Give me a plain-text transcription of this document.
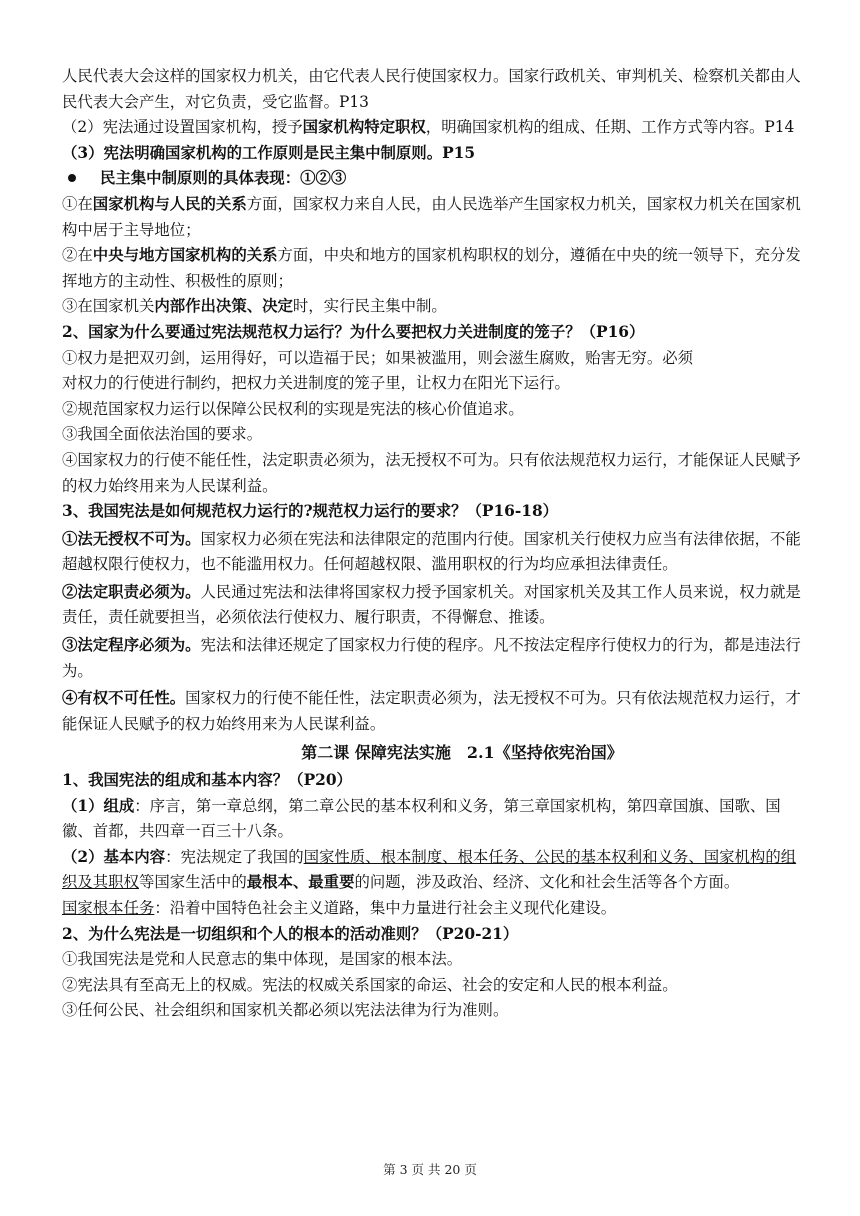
人民代表大会这样的国家权力机关，由它代表人民行使国家权力。国家行政机关、审判机关、检察机关都由人民代表大会产生，对它负责，受它监督。P13

（2）宪法通过设置国家机构，授予国家机构特定职权，明确国家机构的组成、任期、工作方式等内容。P14

（3）宪法明确国家机构的工作原则是民主集中制原则。P15

民主集中制原则的具体表现：①②③

①在国家机构与人民的关系方面，国家权力来自人民，由人民选举产生国家权力机关，国家权力机关在国家机构中居于主导地位；

②在中央与地方国家机构的关系方面，中央和地方的国家机构职权的划分，遵循在中央的统一领导下，充分发挥地方的主动性、积极性的原则；

③在国家机关内部作出决策、决定时，实行民主集中制。

2、国家为什么要通过宪法规范权力运行？为什么要把权力关进制度的笼子？（P16）

①权力是把双刃剑，运用得好，可以造福于民；如果被滥用，则会滋生腐败，贻害无穷。必须
对权力的行使进行制约，把权力关进制度的笼子里，让权力在阳光下运行。

②规范国家权力运行以保障公民权利的实现是宪法的核心价值追求。

③我国全面依法治国的要求。

④国家权力的行使不能任性，法定职责必须为，法无授权不可为。只有依法规范权力运行，才能保证人民赋予的权力始终用来为人民谋利益。

3、我国宪法是如何规范权力运行的?规范权力运行的要求？（P16-18）

①法无授权不可为。国家权力必须在宪法和法律限定的范围内行使。国家机关行使权力应当有法律依据，不能超越权限行使权力，也不能滥用权力。任何超越权限、滥用职权的行为均应承担法律责任。

②法定职责必须为。人民通过宪法和法律将国家权力授予国家机关。对国家机关及其工作人员来说，权力就是责任，责任就要担当，必须依法行使权力、履行职责，不得懈怠、推诿。

③法定程序必须为。宪法和法律还规定了国家权力行使的程序。凡不按法定程序行使权力的行为，都是违法行为。

④有权不可任性。国家权力的行使不能任性，法定职责必须为，法无授权不可为。只有依法规范权力运行，才能保证人民赋予的权力始终用来为人民谋利益。

第二课 保障宪法实施　2.1《坚持依宪治国》

1、我国宪法的组成和基本内容？（P20）

（1）组成：序言，第一章总纲，第二章公民的基本权利和义务，第三章国家机构，第四章国旗、国歌、国徽、首都，共四章一百三十八条。

（2）基本内容：宪法规定了我国的国家性质、根本制度、根本任务、公民的基本权利和义务、国家机构的组织及其职权等国家生活中的最根本、最重要的问题，涉及政治、经济、文化和社会生活等各个方面。

国家根本任务：沿着中国特色社会主义道路，集中力量进行社会主义现代化建设。

2、为什么宪法是一切组织和个人的根本的活动准则？（P20-21）

①我国宪法是党和人民意志的集中体现，是国家的根本法。

②宪法具有至高无上的权威。宪法的权威关系国家的命运、社会的安定和人民的根本利益。

③任何公民、社会组织和国家机关都必须以宪法法律为行为准则。

第 3 页 共 20 页
